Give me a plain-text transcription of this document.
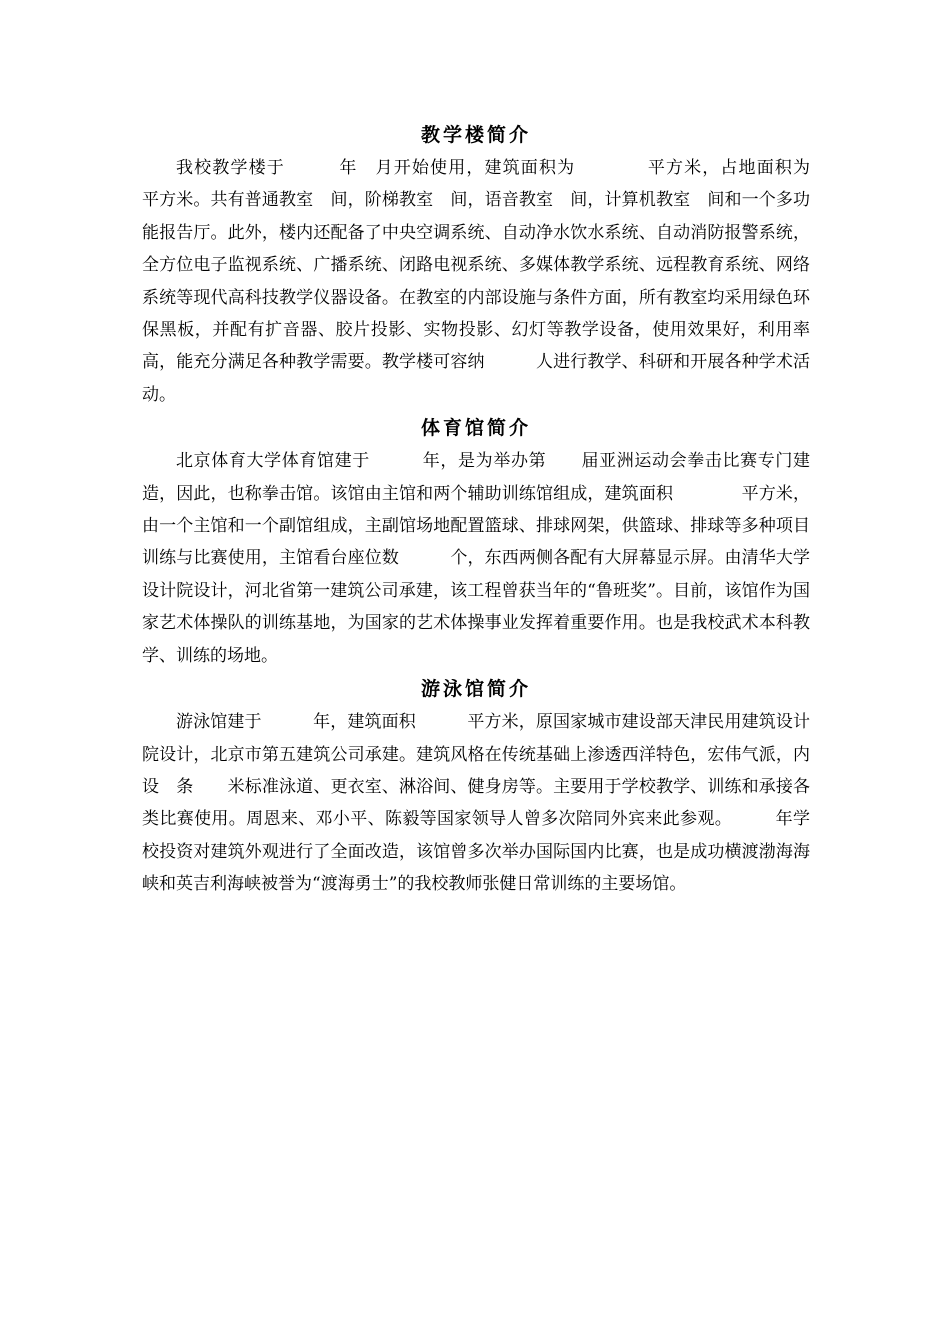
教学楼简介

我校教学楼于　　　年　月开始使用，建筑面积为　　　　平方米，占地面积为　　　平方米。共有普通教室　间，阶梯教室　间，语音教室　间，计算机教室　间和一个多功能报告厅。此外，楼内还配备了中央空调系统、自动净水饮水系统、自动消防报警系统，全方位电子监视系统、广播系统、闭路电视系统、多媒体教学系统、远程教育系统、网络系统等现代高科技教学仪器设备。在教室的内部设施与条件方面，所有教室均采用绿色环保黑板，并配有扩音器、胶片投影、实物投影、幻灯等教学设备，使用效果好，利用率高，能充分满足各种教学需要。教学楼可容纳　　　人进行教学、科研和开展各种学术活动。

体育馆简介

北京体育大学体育馆建于　　　年，是为举办第　　届亚洲运动会拳击比赛专门建造，因此，也称拳击馆。该馆由主馆和两个辅助训练馆组成，建筑面积　　　　平方米，由一个主馆和一个副馆组成，主副馆场地配置篮球、排球网架，供篮球、排球等多种项目训练与比赛使用，主馆看台座位数　　　个，东西两侧各配有大屏幕显示屏。由清华大学设计院设计，河北省第一建筑公司承建，该工程曾获当年的“鲁班奖”。目前，该馆作为国家艺术体操队的训练基地，为国家的艺术体操事业发挥着重要作用。也是我校武术本科教学、训练的场地。

游泳馆简介

游泳馆建于　　　年，建筑面积　　　平方米，原国家城市建设部天津民用建筑设计院设计，北京市第五建筑公司承建。建筑风格在传统基础上渗透西洋特色，宏伟气派，内设　条　　米标准泳道、更衣室、淋浴间、健身房等。主要用于学校教学、训练和承接各类比赛使用。周恩来、邓小平、陈毅等国家领导人曾多次陪同外宾来此参观。　　　年学校投资对建筑外观进行了全面改造，该馆曾多次举办国际国内比赛，也是成功横渡渤海海峡和英吉利海峡被誉为“渡海勇士”的我校教师张健日常训练的主要场馆。
